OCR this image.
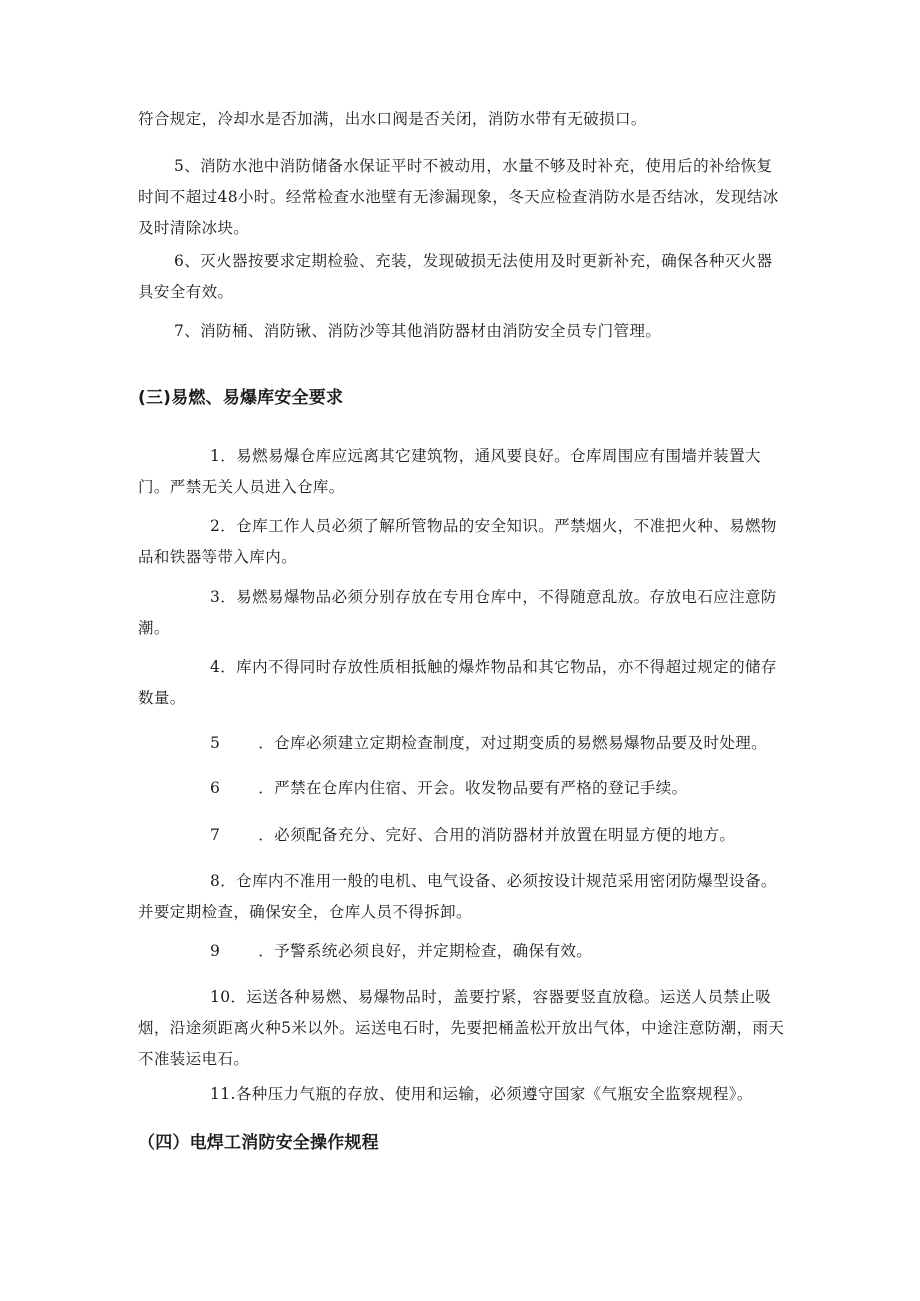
符合规定，冷却水是否加满，出水口阀是否关闭，消防水带有无破损口。

5、消防水池中消防储备水保证平时不被动用，水量不够及时补充，使用后的补给恢复时间不超过48小时。经常检查水池壁有无渗漏现象，冬天应检查消防水是否结冰，发现结冰及时清除冰块。

6、灭火器按要求定期检验、充装，发现破损无法使用及时更新补充，确保各种灭火器具安全有效。

7、消防桶、消防锹、消防沙等其他消防器材由消防安全员专门管理。

(三)易燃、易爆库安全要求

1．易燃易爆仓库应远离其它建筑物，通风要良好。仓库周围应有围墙并装置大门。严禁无关人员进入仓库。

2．仓库工作人员必须了解所管物品的安全知识。严禁烟火，不准把火种、易燃物品和铁器等带入库内。

3．易燃易爆物品必须分别存放在专用仓库中，不得随意乱放。存放电石应注意防潮。

4．库内不得同时存放性质相抵触的爆炸物品和其它物品，亦不得超过规定的储存数量。

5 ．仓库必须建立定期检查制度，对过期变质的易燃易爆物品要及时处理。

6 ．严禁在仓库内住宿、开会。收发物品要有严格的登记手续。

7 ．必须配备充分、完好、合用的消防器材并放置在明显方便的地方。

8．仓库内不准用一般的电机、电气设备、必须按设计规范采用密闭防爆型设备。并要定期检查，确保安全，仓库人员不得拆卸。

9 ．予警系统必须良好，并定期检查，确保有效。

10．运送各种易燃、易爆物品时，盖要拧紧，容器要竖直放稳。运送人员禁止吸烟，沿途须距离火种5米以外。运送电石时，先要把桶盖松开放出气体，中途注意防潮，雨天不准装运电石。

11.各种压力气瓶的存放、使用和运输，必须遵守国家《气瓶安全监察规程》。

（四）电焊工消防安全操作规程
